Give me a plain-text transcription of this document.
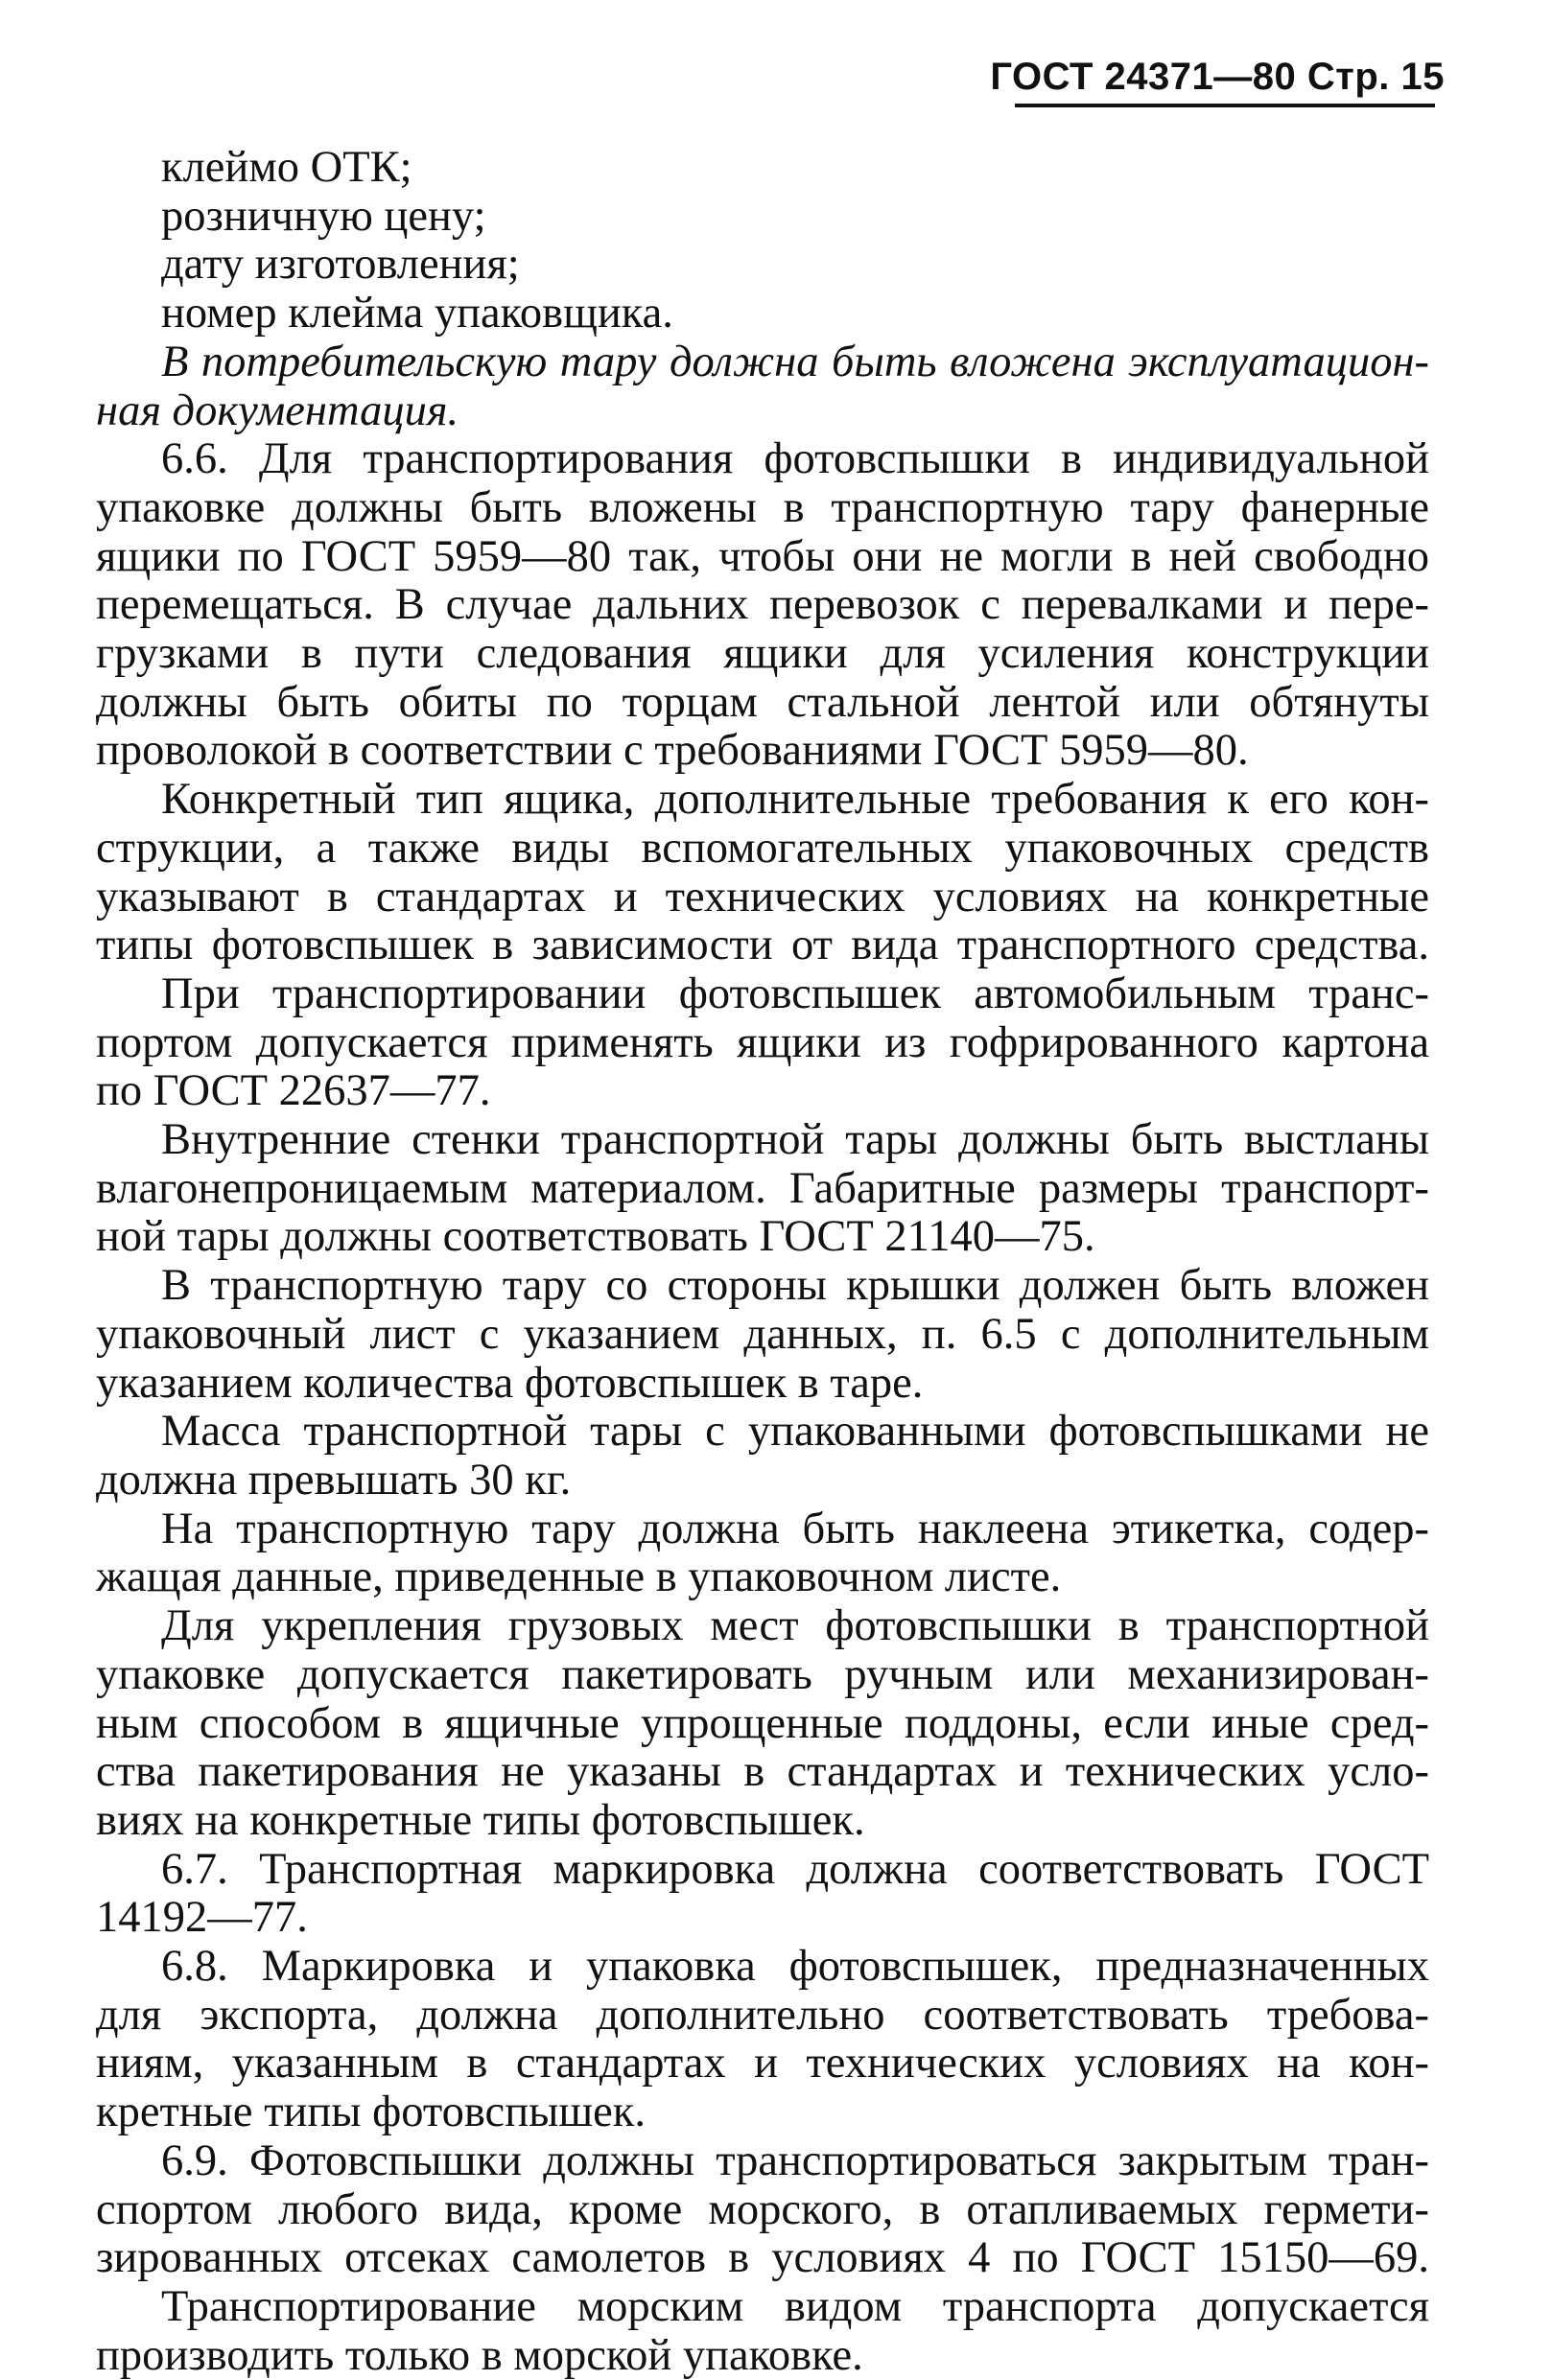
ГОСТ 24371—80 Стр. 15
клеймо ОТК;
розничную цену;
дату изготовления;
номер клейма упаковщика.
В потребительскую тару должна быть вложена эксплуатацион-
ная документация.
6.6. Для транспортирования фотовспышки в индивидуальной
упаковке должны быть вложены в транспортную тару фанерные
ящики по ГОСТ 5959—80 так, чтобы они не могли в ней свободно
перемещаться. В случае дальних перевозок с перевалками и пере-
грузками в пути следования ящики для усиления конструкции
должны быть обиты по торцам стальной лентой или обтянуты
проволокой в соответствии с требованиями ГОСТ 5959—80.
Конкретный тип ящика, дополнительные требования к его кон-
струкции, а также виды вспомогательных упаковочных средств
указывают в стандартах и технических условиях на конкретные
типы фотовспышек в зависимости от вида транспортного средства.
При транспортировании фотовспышек автомобильным транс-
портом допускается применять ящики из гофрированного картона
по ГОСТ 22637—77.
Внутренние стенки транспортной тары должны быть выстланы
влагонепроницаемым материалом. Габаритные размеры транспорт-
ной тары должны соответствовать ГОСТ 21140—75.
В транспортную тару со стороны крышки должен быть вложен
упаковочный лист с указанием данных, п. 6.5 с дополнительным
указанием количества фотовспышек в таре.
Масса транспортной тары с упакованными фотовспышками не
должна превышать 30 кг.
На транспортную тару должна быть наклеена этикетка, содер-
жащая данные, приведенные в упаковочном листе.
Для укрепления грузовых мест фотовспышки в транспортной
упаковке допускается пакетировать ручным или механизирован-
ным способом в ящичные упрощенные поддоны, если иные сред-
ства пакетирования не указаны в стандартах и технических усло-
виях на конкретные типы фотовспышек.
6.7. Транспортная маркировка должна соответствовать ГОСТ
14192—77.
6.8. Маркировка и упаковка фотовспышек, предназначенных
для экспорта, должна дополнительно соответствовать требова-
ниям, указанным в стандартах и технических условиях на кон-
кретные типы фотовспышек.
6.9. Фотовспышки должны транспортироваться закрытым тран-
спортом любого вида, кроме морского, в отапливаемых гермети-
зированных отсеках самолетов в условиях 4 по ГОСТ 15150—69.
Транспортирование морским видом транспорта допускается
производить только в морской упаковке.
